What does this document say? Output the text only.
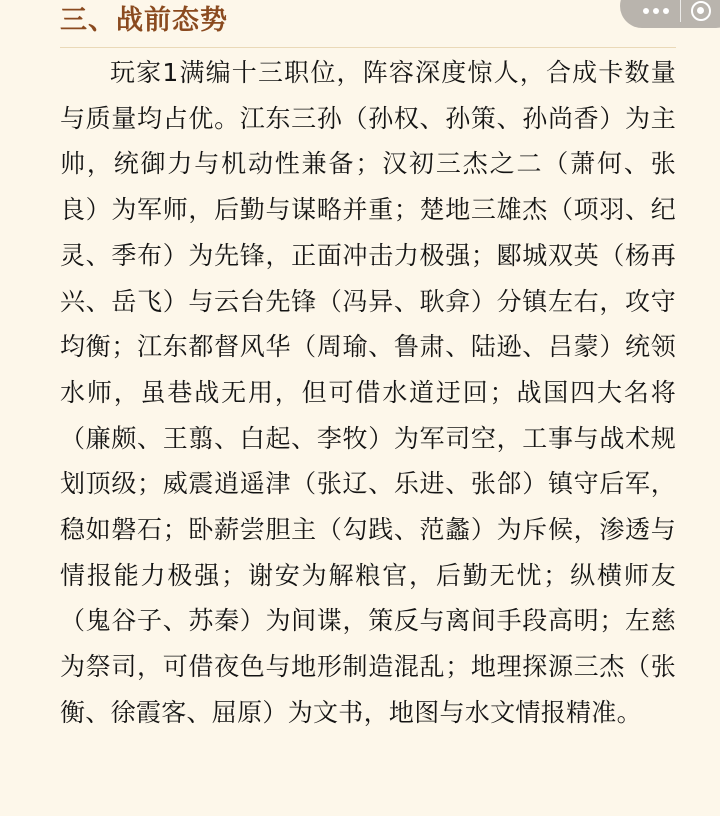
三、战前态势

玩家1满编十三职位，阵容深度惊人，合成卡数量与质量均占优。江东三孙（孙权、孙策、孙尚香）为主帅，统御力与机动性兼备；汉初三杰之二（萧何、张良）为军师，后勤与谋略并重；楚地三雄杰（项羽、纪灵、季布）为先锋，正面冲击力极强；郾城双英（杨再兴、岳飞）与云台先锋（冯异、耿弇）分镇左右，攻守均衡；江东都督风华（周瑜、鲁肃、陆逊、吕蒙）统领水师，虽巷战无用，但可借水道迂回；战国四大名将（廉颇、王翦、白起、李牧）为军司空，工事与战术规划顶级；威震逍遥津（张辽、乐进、张郃）镇守后军，稳如磐石；卧薪尝胆主（勾践、范蠡）为斥候，渗透与情报能力极强；谢安为解粮官，后勤无忧；纵横师友（鬼谷子、苏秦）为间谍，策反与离间手段高明；左慈为祭司，可借夜色与地形制造混乱；地理探源三杰（张衡、徐霞客、屈原）为文书，地图与水文情报精准。
